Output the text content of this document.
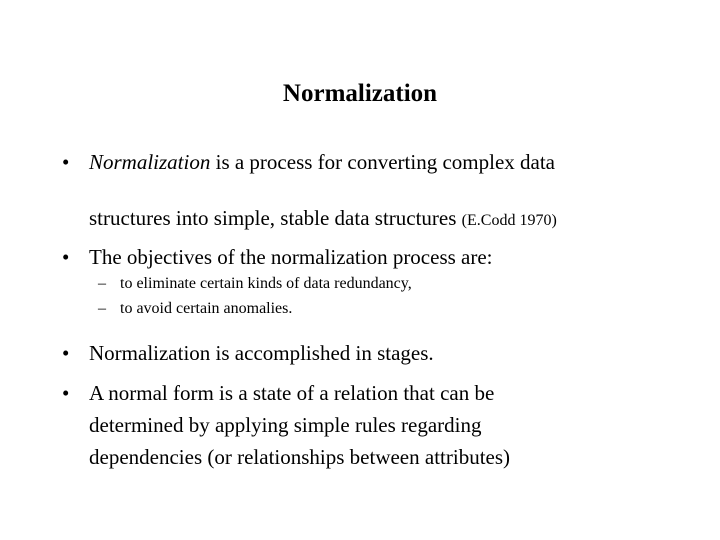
Normalization
• Normalization is a process for converting complex data
structures into simple, stable data structures (E.Codd 1970)
• The objectives of the normalization process are:
– to eliminate certain kinds of data redundancy,
– to avoid certain anomalies.
• Normalization is accomplished in stages.
• A normal form is a state of a relation that can be determined by applying simple rules regarding dependencies (or relationships between attributes)
